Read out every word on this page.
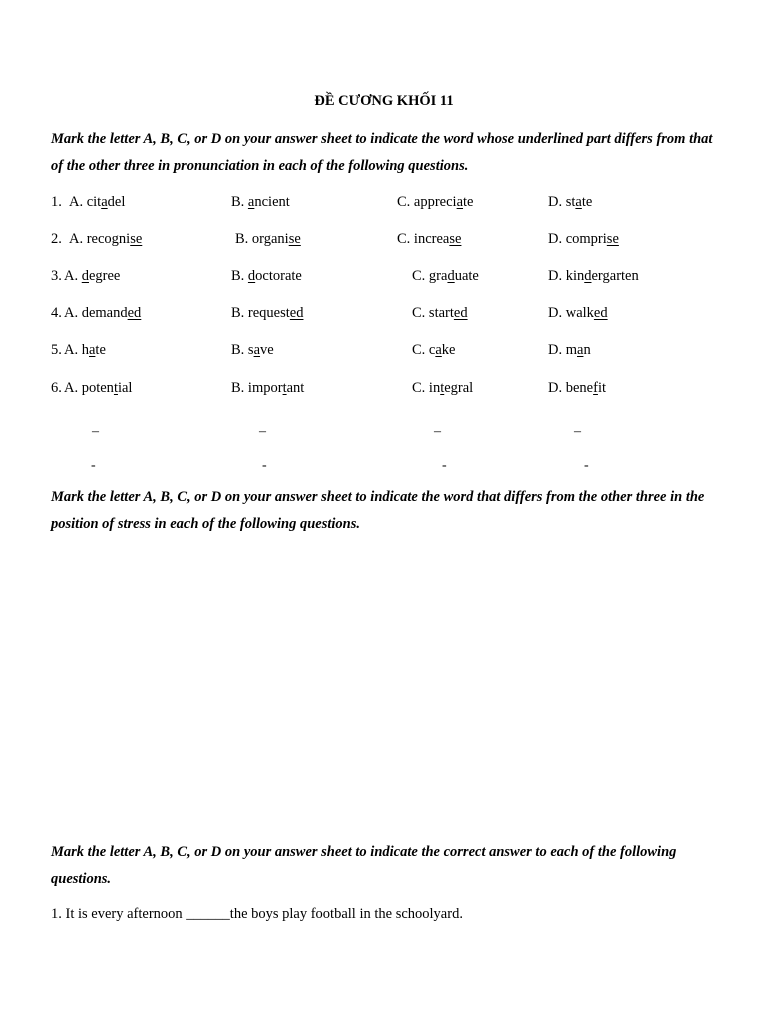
ĐỀ CƯƠNG KHỐI 11
Mark the letter A, B, C, or D on your answer sheet to indicate the word whose underlined part differs from that of the other three in pronunciation in each of the following questions.
1. A. citadel	B. ancient	C. appreciate	D. state
2. A. recognise	B. organise	C. increase	D. comprise
3. A. degree	B. doctorate	C. graduate	D. kindergarten
4. A. demanded	B. requested	C. started	D. walked
5. A. hate	B. save	C. cake	D. man
6. A. potential	B. important	C. integral	D. benefit
–	–	–	–
-	-	-	-
Mark the letter A, B, C, or D on your answer sheet to indicate the word that differs from the other three in the position of stress in each of the following questions.
Mark the letter A, B, C, or D on your answer sheet to indicate the correct answer to each of the following questions.
1. It is every afternoon ______the boys play football in the schoolyard.
